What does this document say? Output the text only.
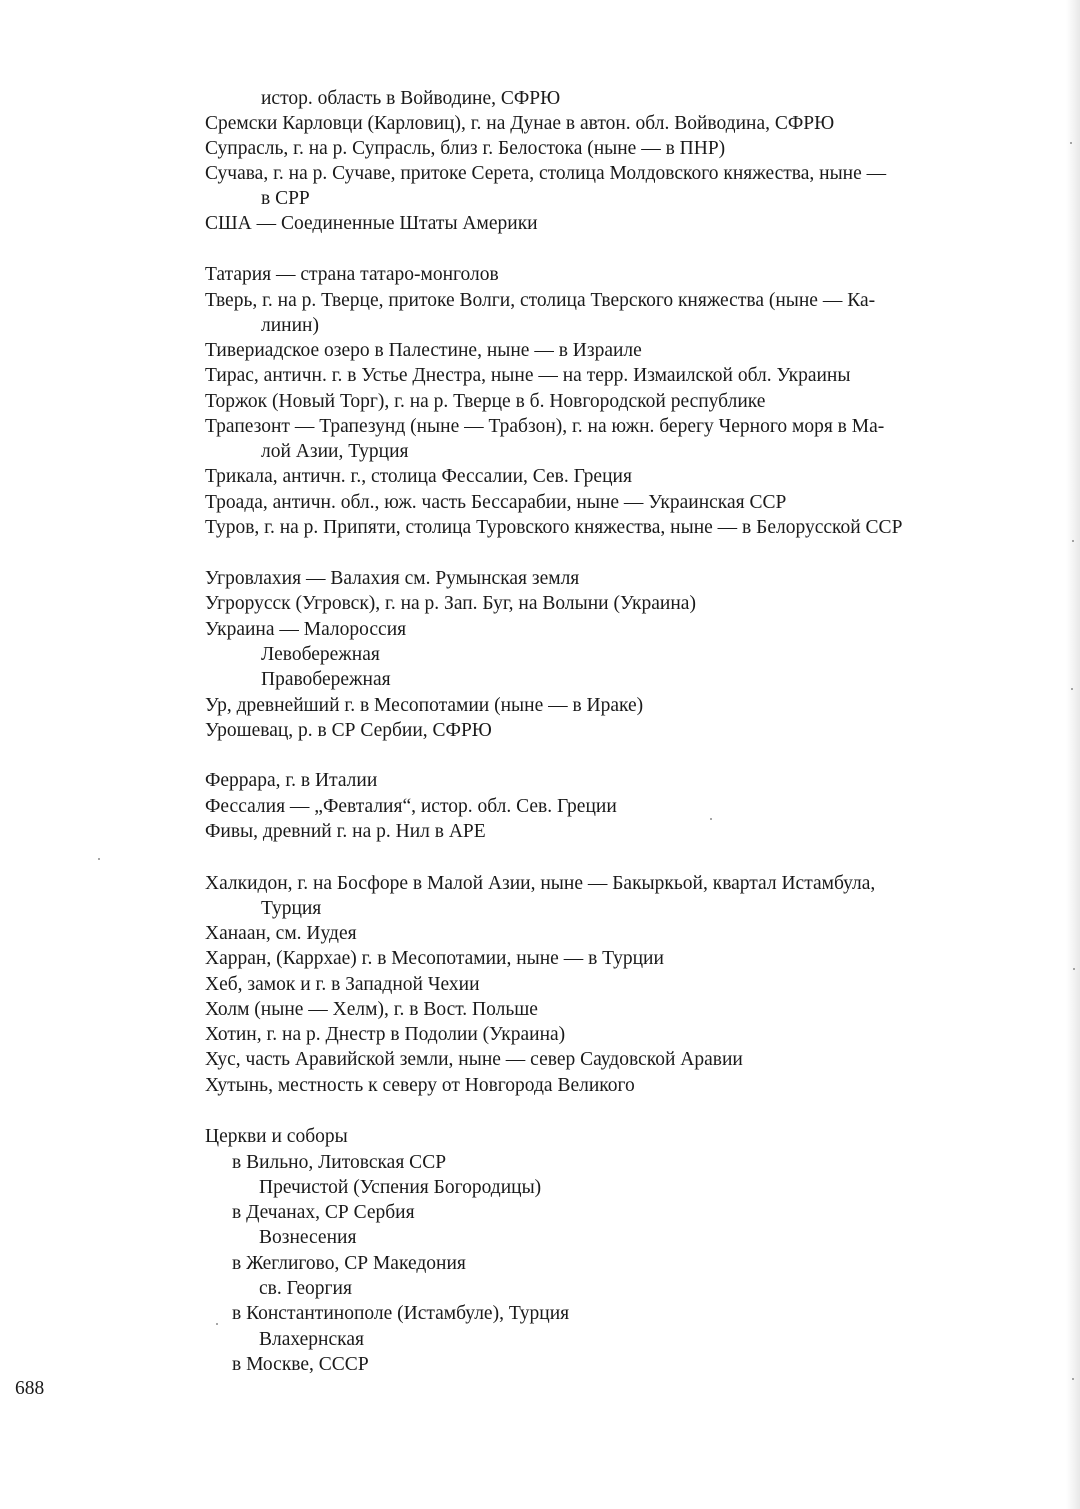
истор. область в Войводине, СФРЮ
Сремски Карловци (Карловиц), г. на Дунае в автон. обл. Войводина, СФРЮ
Супрасль, г. на р. Супрасль, близ г. Белостока (ныне — в ПНР)
Сучава, г. на р. Сучаве, притоке Серета, столица Молдовского княжества, ныне —
в СРР
США — Соединенные Штаты Америки
Татария — страна татаро-монголов
Тверь, г. на р. Тверце, притоке Волги, столица Тверского княжества (ныне — Ка-
линин)
Тивериадское озеро в Палестине, ныне — в Израиле
Тирас, античн. г. в Устье Днестра, ныне — на терр. Измаилской обл. Украины
Торжок (Новый Торг), г. на р. Тверце в б. Новгородской республике
Трапезонт — Трапезунд (ныне — Трабзон), г. на южн. берегу Черного моря в Ма-
лой Азии, Турция
Трикала, античн. г., столица Фессалии, Сев. Греция
Троада, античн. обл., юж. часть Бессарабии, ныне — Украинская ССР
Туров, г. на р. Припяти, столица Туровского княжества, ныне — в Белорусской ССР
Угровлахия — Валахия см. Румынская земля
Угрорусск (Угровск), г. на р. Зап. Буг, на Волыни (Украина)
Украина — Малороссия
Левобережная
Правобережная
Ур, древнейший г. в Месопотамии (ныне — в Ираке)
Урошевац, р. в СР Сербии, СФРЮ
Феррара, г. в Италии
Фессалия — „Февталия“, истор. обл. Сев. Греции
Фивы, древний г. на р. Нил в АРЕ
Халкидон, г. на Босфоре в Малой Азии, ныне — Бакыркьой, квартал Истамбула,
Турция
Ханаан, см. Иудея
Харран, (Каррхае) г. в Месопотамии, ныне — в Турции
Хеб, замок и г. в Западной Чехии
Холм (ныне — Хелм), г. в Вост. Польше
Хотин, г. на р. Днестр в Подолии (Украина)
Хус, часть Аравийской земли, ныне — север Саудовской Аравии
Хутынь, местность к северу от Новгорода Великого
Церкви и соборы
в Вильно, Литовская ССР
Пречистой (Успения Богородицы)
в Дечанах, СР Сербия
Вознесения
в Жеглигово, СР Македония
св. Георгия
в Константинополе (Истамбуле), Турция
Влахернская
в Москве, СССР
688
